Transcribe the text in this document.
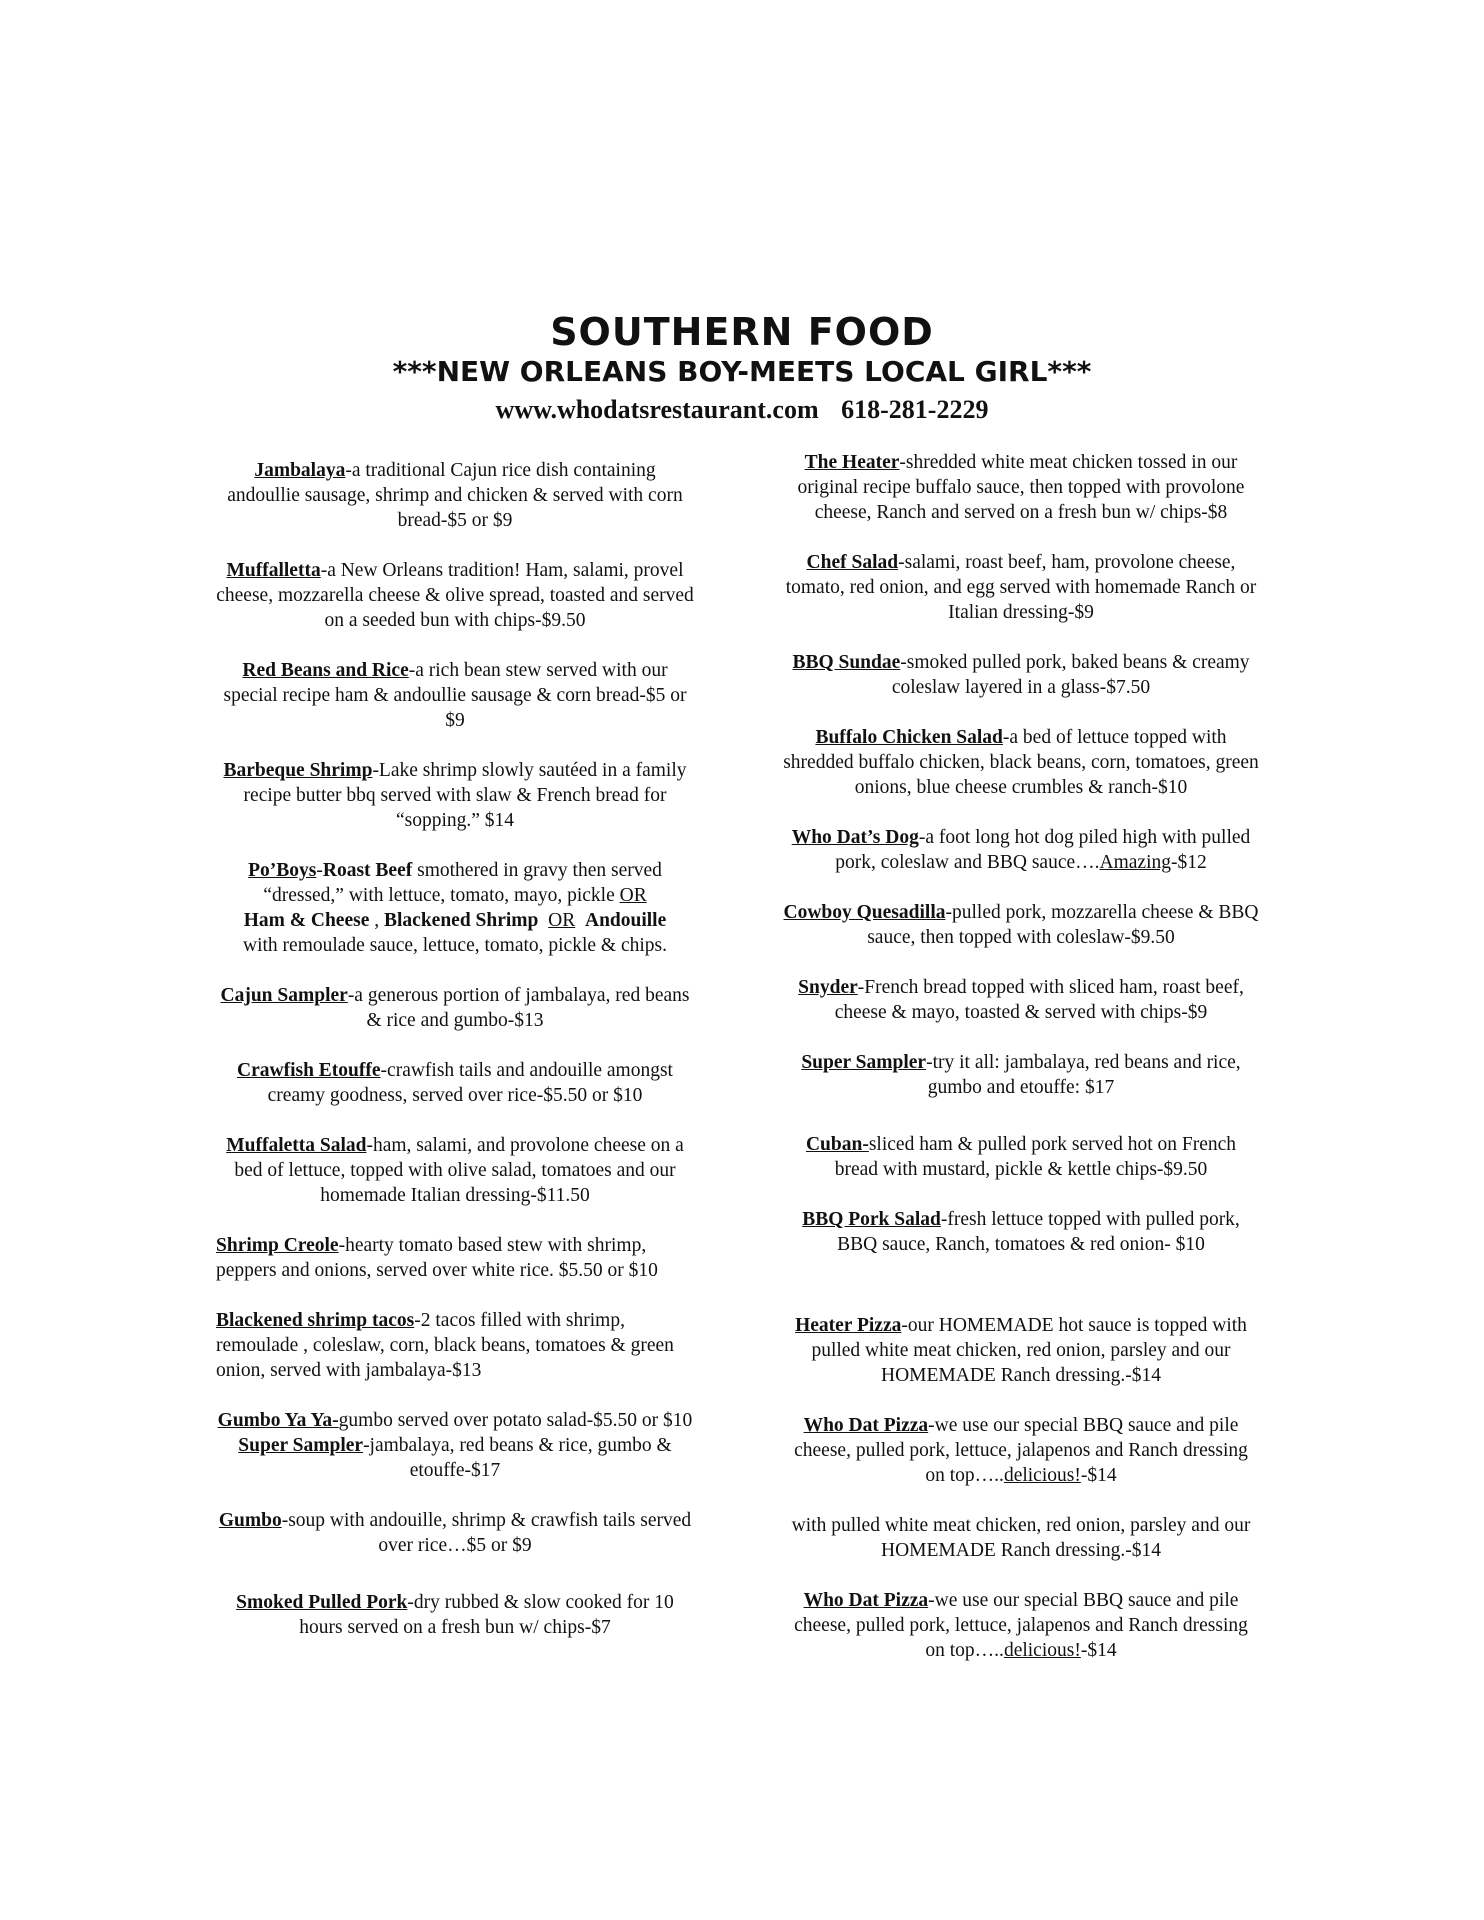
SOUTHERN FOOD
***NEW ORLEANS BOY-MEETS LOCAL GIRL***
www.whodatsrestaurant.com 618-281-2229
Jambalaya-a traditional Cajun rice dish containing andoullie sausage, shrimp and chicken & served with corn bread-$5 or $9
Muffalletta-a New Orleans tradition! Ham, salami, provel cheese, mozzarella cheese & olive spread, toasted and served on a seeded bun with chips-$9.50
Red Beans and Rice-a rich bean stew served with our special recipe ham & andoullie sausage & corn bread-$5 or $9
Barbeque Shrimp-Lake shrimp slowly sautéed in a family recipe butter bbq served with slaw & French bread for “sopping.” $14
Po’Boys-Roast Beef smothered in gravy then served “dressed,” with lettuce, tomato, mayo, pickle OR
Ham & Cheese , Blackened Shrimp OR Andouille
with remoulade sauce, lettuce, tomato, pickle & chips.
Cajun Sampler-a generous portion of jambalaya, red beans & rice and gumbo-$13
Crawfish Etouffe-crawfish tails and andouille amongst creamy goodness, served over rice-$5.50 or $10
Muffaletta Salad-ham, salami, and provolone cheese on a bed of lettuce, topped with olive salad, tomatoes and our homemade Italian dressing-$11.50
Shrimp Creole-hearty tomato based stew with shrimp, peppers and onions, served over white rice. $5.50 or $10
Blackened shrimp tacos-2 tacos filled with shrimp, remoulade , coleslaw, corn, black beans, tomatoes & green onion, served with jambalaya-$13
Gumbo Ya Ya-gumbo served over potato salad-$5.50 or $10
Super Sampler-jambalaya, red beans & rice, gumbo & etouffe-$17
Gumbo-soup with andouille, shrimp & crawfish tails served over rice…$5 or $9
Smoked Pulled Pork-dry rubbed & slow cooked for 10 hours served on a fresh bun w/ chips-$7
The Heater-shredded white meat chicken tossed in our original recipe buffalo sauce, then topped with provolone cheese, Ranch and served on a fresh bun w/ chips-$8
Chef Salad-salami, roast beef, ham, provolone cheese, tomato, red onion, and egg served with homemade Ranch or Italian dressing-$9
BBQ Sundae-smoked pulled pork, baked beans & creamy coleslaw layered in a glass-$7.50
Buffalo Chicken Salad-a bed of lettuce topped with shredded buffalo chicken, black beans, corn, tomatoes, green onions, blue cheese crumbles & ranch-$10
Who Dat’s Dog-a foot long hot dog piled high with pulled pork, coleslaw and BBQ sauce….Amazing-$12
Cowboy Quesadilla-pulled pork, mozzarella cheese & BBQ sauce, then topped with coleslaw-$9.50
Snyder-French bread topped with sliced ham, roast beef, cheese & mayo, toasted & served with chips-$9
Super Sampler-try it all: jambalaya, red beans and rice, gumbo and etouffe: $17
Cuban-sliced ham & pulled pork served hot on French bread with mustard, pickle & kettle chips-$9.50
BBQ Pork Salad-fresh lettuce topped with pulled pork, BBQ sauce, Ranch, tomatoes & red onion- $10
Heater Pizza-our HOMEMADE hot sauce is topped with pulled white meat chicken, red onion, parsley and our HOMEMADE Ranch dressing.-$14
Who Dat Pizza-we use our special BBQ sauce and pile cheese, pulled pork, lettuce, jalapenos and Ranch dressing on top…..delicious!-$14
with pulled white meat chicken, red onion, parsley and our HOMEMADE Ranch dressing.-$14
Who Dat Pizza-we use our special BBQ sauce and pile cheese, pulled pork, lettuce, jalapenos and Ranch dressing on top…..delicious!-$14
